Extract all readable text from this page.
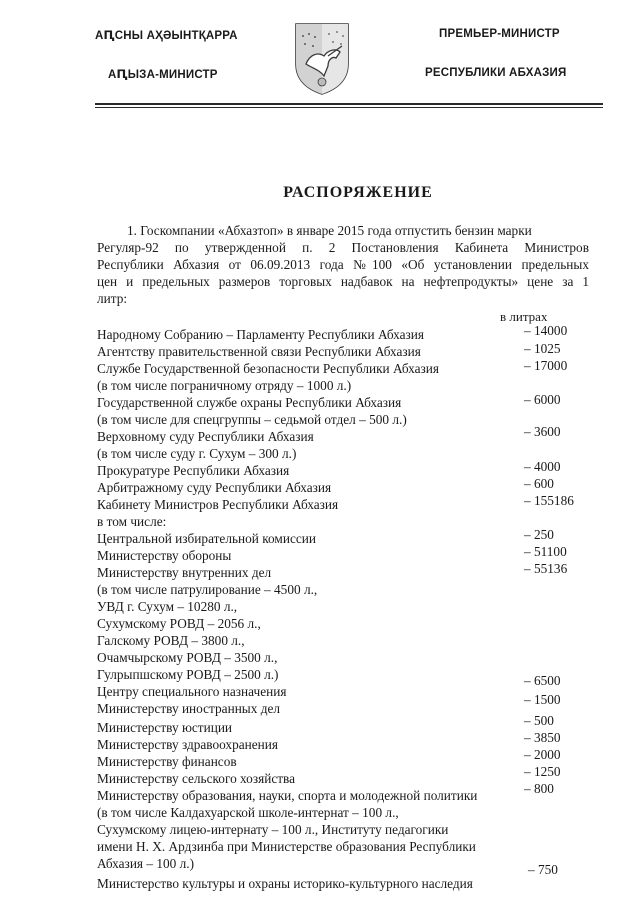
АԤСНЫ АҲӘЫНТҚАРРА
АԤЫЗА-МИНИСТР
ПРЕМЬЕР-МИНИСТР
РЕСПУБЛИКИ АБХАЗИЯ
РАСПОРЯЖЕНИЕ
1. Госкомпании «Абхазтоп» в январе 2015 года отпустить бензин марки
Регуляр-92 по утвержденной п. 2 Постановления Кабинета Министров
Республики Абхазия от 06.09.2013 года №100 «Об установлении предельных
цен и предельных размеров торговых надбавок на нефтепродукты» цене за 1
литр:
в литрах
Народному Собранию – Парламенту Республики Абхазия
Агентству правительственной связи Республики Абхазия
Службе Государственной безопасности Республики Абхазия
(в том числе пограничному отряду – 1000 л.)
Государственной службе охраны Республики Абхазия
(в том числе для спецгруппы – седьмой отдел – 500 л.)
Верховному суду Республики Абхазия
(в том числе суду г. Сухум – 300 л.)
Прокуратуре Республики Абхазия
Арбитражному суду Республики Абхазия
Кабинету Министров Республики Абхазия
в том числе:
Центральной избирательной комиссии
Министерству обороны
Министерству внутренних дел
(в том числе патрулирование – 4500 л.,
УВД г. Сухум – 10280 л.,
Сухумскому РОВД – 2056 л.,
Галскому РОВД – 3800 л.,
Очамчырскому РОВД – 3500 л.,
Гулрыпшскому РОВД – 2500 л.)
Центру специального назначения
Министерству иностранных дел
Министерству юстиции
Министерству здравоохранения
Министерству финансов
Министерству сельского хозяйства
Министерству образования, науки, спорта и молодежной политики
(в том числе Калдахуарской школе-интернат – 100 л.,
Сухумскому лицею-интернату – 100 л., Институту педагогики
имени Н. Х. Ардзинба при Министерстве образования Республики
Абхазия – 100 л.)
Министерство культуры и охраны историко-культурного наследия
– 14000
– 1025
– 17000
– 6000
– 3600
– 4000
– 600
– 155186
– 250
– 51100
– 55136
– 6500
– 1500
– 500
– 3850
– 2000
– 1250
– 800
– 750
